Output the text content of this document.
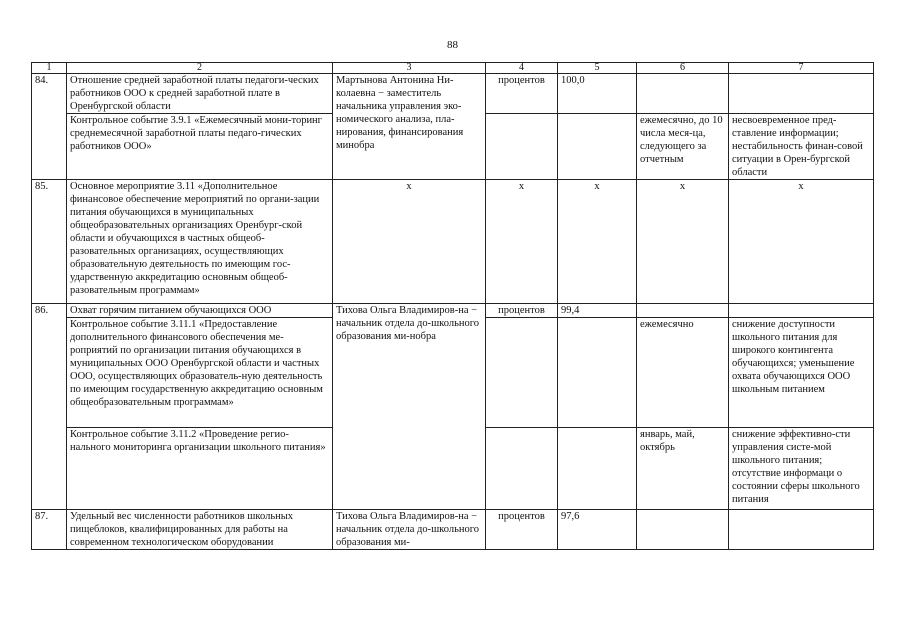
88
1	2	3	4	5	6	7
84.	Отношение средней заработной платы педагоги-ческих работников ООО к средней заработной плате в Оренбургской области	Мартынова Антонина Ни-колаевна − заместитель начальника управления эко-номического анализа, пла-нирования, финансирования минобра	процентов	100,0		
	Контрольное событие 3.9.1 «Ежемесячный мони-торинг среднемесячной заработной платы педаго-гических работников ООО»				ежемесячно, до 10 числа меся-ца, следующего за отчетным	несвоевременное пред-ставление информации; нестабильность финан-совой ситуации в Орен-бургской области
85.	Основное мероприятие 3.11 «Дополнительное финансовое обеспечение мероприятий по органи-зации питания обучающихся в муниципальных общеобразовательных организациях Оренбург-ской области и обучающихся в частных общеоб-разовательных организациях, осуществляющих образовательную деятельность по имеющим гос-ударственную аккредитацию основным общеоб-разовательным программам»	x	x	x	x	x
86.	Охват горячим питанием обучающихся ООО	Тихова Ольга Владимиров-на − начальник отдела до-школьного образования ми-нобра	процентов	99,4		
	Контрольное событие 3.11.1 «Предоставление дополнительного финансового обеспечения ме-роприятий по организации питания обучающихся в муниципальных ООО Оренбургской области и частных ООО, осуществляющих образователь-ную деятельность по имеющим государственную аккредитацию основным общеобразовательным программам»				ежемесячно	снижение доступности школьного питания для широкого контингента обучающихся; уменьшение охвата обучающихся ООО школьным питанием
	Контрольное событие 3.11.2 «Проведение регио-нального мониторинга организации школьного питания»				январь, май, октябрь	снижение эффективно-сти управления систе-мой школьного питания; отсутствие информаци о состоянии сферы школьного питания
87.	Удельный вес численности работников школьных пищеблоков, квалифицированных для работы на современном технологическом оборудовании	Тихова Ольга Владимиров-на − начальник отдела до-школьного образования ми-	процентов	97,6		
